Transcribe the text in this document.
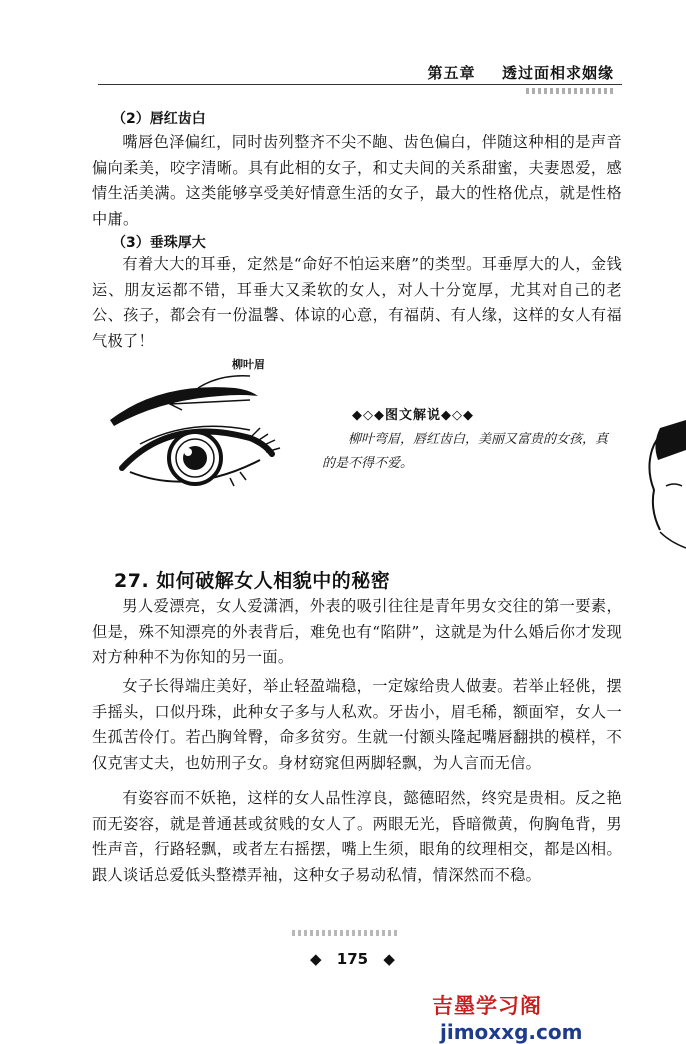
第五章 透过面相求姻缘
（2）唇红齿白

嘴唇色泽偏红，同时齿列整齐不尖不龅、齿色偏白，伴随这种相的是声音偏向柔美，咬字清晰。具有此相的女子，和丈夫间的关系甜蜜，夫妻恩爱，感情生活美满。这类能够享受美好情意生活的女子，最大的性格优点，就是性格中庸。

（3）垂珠厚大

有着大大的耳垂，定然是“命好不怕运来磨”的类型。耳垂厚大的人，金钱运、朋友运都不错，耳垂大又柔软的女人，对人十分宽厚，尤其对自己的老公、孩子，都会有一份温馨、体谅的心意，有福荫、有人缘，这样的女人有福气极了！

柳叶眉
◆◇◆图文解说◆◇◆
柳叶弯眉，唇红齿白，美丽又富贵的女孩，真的是不得不爱。
27. 如何破解女人相貌中的秘密

男人爱漂亮，女人爱潇洒，外表的吸引往往是青年男女交往的第一要素，但是，殊不知漂亮的外表背后，难免也有“陷阱”，这就是为什么婚后你才发现对方种种不为你知的另一面。

女子长得端庄美好，举止轻盈端稳，一定嫁给贵人做妻。若举止轻佻，摆手摇头，口似丹珠，此种女子多与人私欢。牙齿小，眉毛稀，额面窄，女人一生孤苦伶仃。若凸胸耸臀，命多贫穷。生就一付额头隆起嘴唇翻拱的模样，不仅克害丈夫，也妨刑子女。身材窈窕但两脚轻飘，为人言而无信。

有姿容而不妖艳，这样的女人品性淳良，懿德昭然，终究是贵相。反之艳而无姿容，就是普通甚或贫贱的女人了。两眼无光，昏暗微黄，佝胸龟背，男性声音，行路轻飘，或者左右摇摆，嘴上生须，眼角的纹理相交，都是凶相。跟人谈话总爱低头整襟弄袖，这种女子易动私情，情深然而不稳。

◆ 175 ◆
吉墨学习阁 jimoxxg.com
